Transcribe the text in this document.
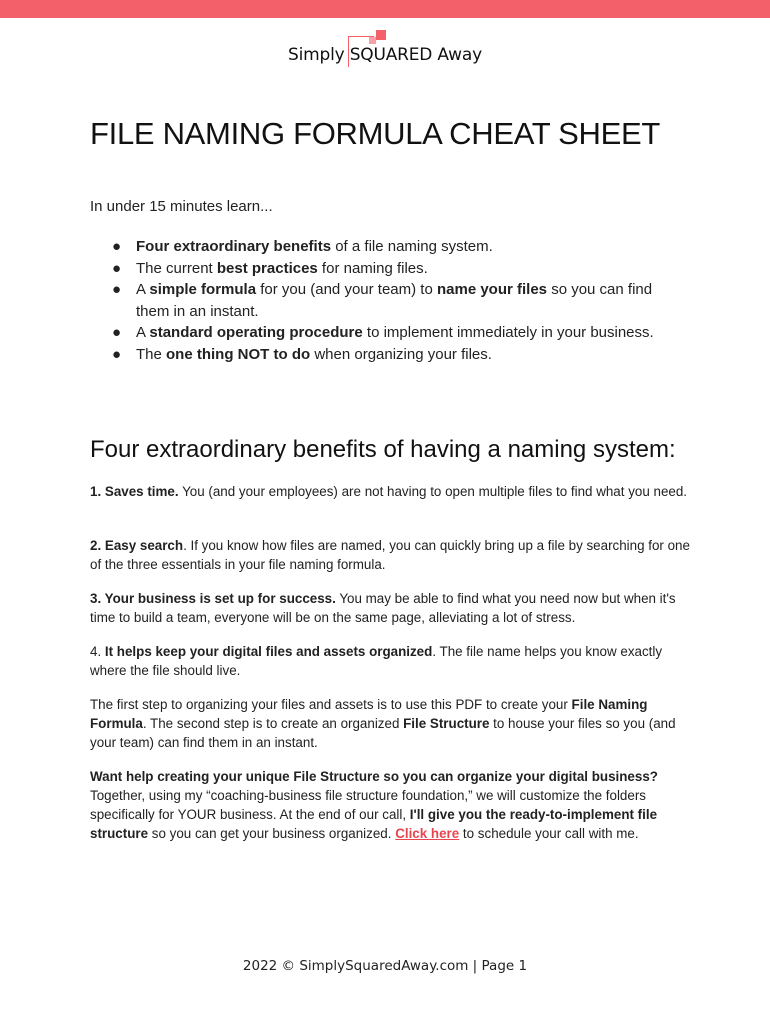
Simply
SQUARED Away
FILE NAMING FORMULA CHEAT SHEET
In under 15 minutes learn...
● Four extraordinary benefits of a file naming system.
● The current best practices for naming files.
● A simple formula for you (and your team) to name your files so you can find them in an instant.
● A standard operating procedure to implement immediately in your business.
● The one thing NOT to do when organizing your files.
Four extraordinary benefits of having a naming system:
1. Saves time. You (and your employees) are not having to open multiple files to find what you need.
2. Easy search. If you know how files are named, you can quickly bring up a file by searching for one of the three essentials in your file naming formula.
3. Your business is set up for success. You may be able to find what you need now but when it's time to build a team, everyone will be on the same page, alleviating a lot of stress.
4. It helps keep your digital files and assets organized. The file name helps you know exactly where the file should live.
The first step to organizing your files and assets is to use this PDF to create your File Naming Formula. The second step is to create an organized File Structure to house your files so you (and your team) can find them in an instant.
Want help creating your unique File Structure so you can organize your digital business? Together, using my “coaching-business file structure foundation,” we will customize the folders specifically for YOUR business. At the end of our call, I'll give you the ready-to-implement file structure so you can get your business organized. Click here to schedule your call with me.
2022 © SimplySquaredAway.com | Page 1
